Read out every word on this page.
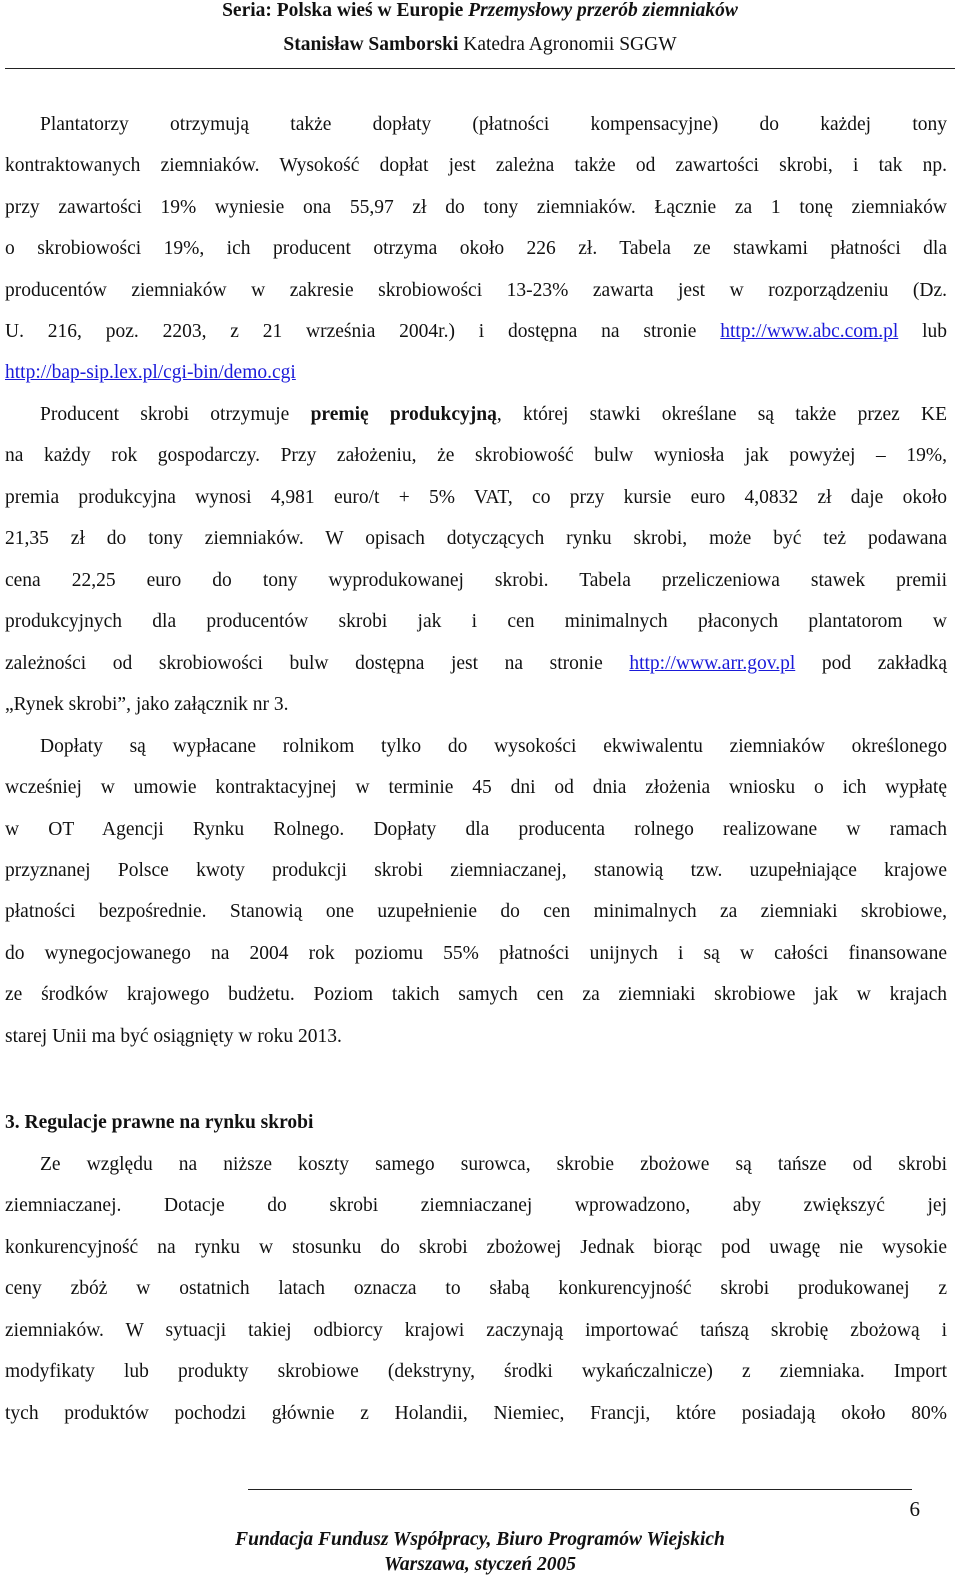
Seria: Polska wieś w Europie Przemysłowy przerób ziemniaków
Stanisław Samborski Katedra Agronomii SGGW
Plantatorzy otrzymują także dopłaty (płatności kompensacyjne) do każdej tony
kontraktowanych ziemniaków. Wysokość dopłat jest zależna także od zawartości skrobi, i tak np.
przy zawartości 19% wyniesie ona 55,97 zł do tony ziemniaków. Łącznie za 1 tonę ziemniaków
o skrobiowości 19%, ich producent otrzyma około 226 zł. Tabela ze stawkami płatności dla
producentów ziemniaków w zakresie skrobiowości 13-23% zawarta jest w rozporządzeniu (Dz.
U. 216, poz. 2203, z 21 września 2004r.) i dostępna na stronie http://www.abc.com.pl lub
http://bap-sip.lex.pl/cgi-bin/demo.cgi
Producent skrobi otrzymuje premię produkcyjną, której stawki określane są także przez KE
na każdy rok gospodarczy. Przy założeniu, że skrobiowość bulw wyniosła jak powyżej – 19%,
premia produkcyjna wynosi 4,981 euro/t + 5% VAT, co przy kursie euro 4,0832 zł daje około
21,35 zł do tony ziemniaków. W opisach dotyczących rynku skrobi, może być też podawana
cena 22,25 euro do tony wyprodukowanej skrobi. Tabela przeliczeniowa stawek premii
produkcyjnych dla producentów skrobi jak i cen minimalnych płaconych plantatorom w
zależności od skrobiowości bulw dostępna jest na stronie http://www.arr.gov.pl pod zakładką
„Rynek skrobi”, jako załącznik nr 3.
Dopłaty są wypłacane rolnikom tylko do wysokości ekwiwalentu ziemniaków określonego
wcześniej w umowie kontraktacyjnej w terminie 45 dni od dnia złożenia wniosku o ich wypłatę
w OT Agencji Rynku Rolnego. Dopłaty dla producenta rolnego realizowane w ramach
przyznanej Polsce kwoty produkcji skrobi ziemniaczanej, stanowią tzw. uzupełniające krajowe
płatności bezpośrednie. Stanowią one uzupełnienie do cen minimalnych za ziemniaki skrobiowe,
do wynegocjowanego na 2004 rok poziomu 55% płatności unijnych i są w całości finansowane
ze środków krajowego budżetu. Poziom takich samych cen za ziemniaki skrobiowe jak w krajach
starej Unii ma być osiągnięty w roku 2013.
3. Regulacje prawne na rynku skrobi
Ze względu na niższe koszty samego surowca, skrobie zbożowe są tańsze od skrobi
ziemniaczanej. Dotacje do skrobi ziemniaczanej wprowadzono, aby zwiększyć jej
konkurencyjność na rynku w stosunku do skrobi zbożowej Jednak biorąc pod uwagę nie wysokie
ceny zbóż w ostatnich latach oznacza to słabą konkurencyjność skrobi produkowanej z
ziemniaków. W sytuacji takiej odbiorcy krajowi zaczynają importować tańszą skrobię zbożową i
modyfikaty lub produkty skrobiowe (dekstryny, środki wykańczalnicze) z ziemniaka. Import
tych produktów pochodzi głównie z Holandii, Niemiec, Francji, które posiadają około 80%
6
Fundacja Fundusz Współpracy, Biuro Programów Wiejskich
Warszawa, styczeń 2005
